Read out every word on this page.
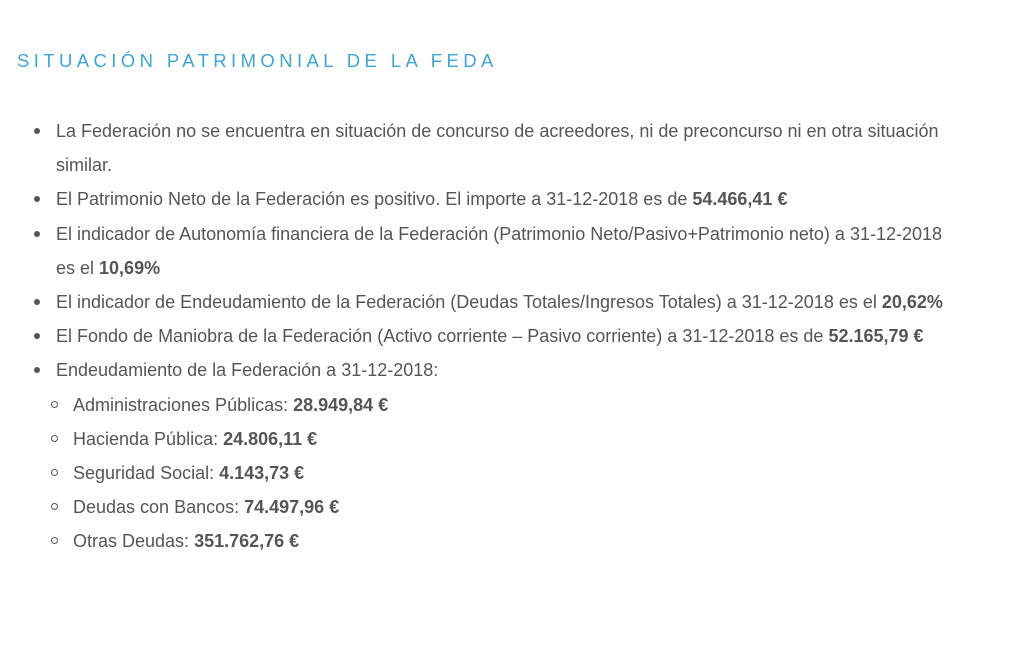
SITUACIÓN PATRIMONIAL DE LA FEDA
La Federación no se encuentra en situación de concurso de acreedores, ni de preconcurso ni en otra situación similar.
El Patrimonio Neto de la Federación es positivo. El importe a 31-12-2018 es de 54.466,41 €
El indicador de Autonomía financiera de la Federación (Patrimonio Neto/Pasivo+Patrimonio neto) a 31-12-2018 es el 10,69%
El indicador de Endeudamiento de la Federación (Deudas Totales/Ingresos Totales) a 31-12-2018 es el 20,62%
El Fondo de Maniobra de la Federación (Activo corriente – Pasivo corriente) a 31-12-2018 es de 52.165,79 €
Endeudamiento de la Federación a 31-12-2018:
Administraciones Públicas: 28.949,84 €
Hacienda Pública: 24.806,11 €
Seguridad Social: 4.143,73 €
Deudas con Bancos: 74.497,96 €
Otras Deudas: 351.762,76 €
